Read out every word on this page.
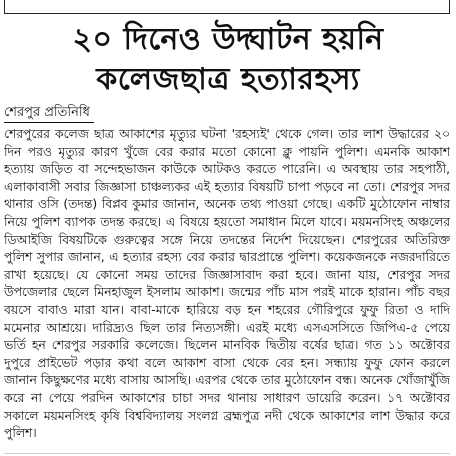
২০ দিনেও উদ্ঘাটন হয়নি
কলেজছাত্র হত্যারহস্য
শেরপুর প্রতিনিধি

শেরপুরের কলেজ ছাত্র আকাশের মৃত্যুর ঘটনা 'রহস্যই' থেকে গেল। তার লাশ উদ্ধারের ২০ দিন পরও মৃত্যুর কারণ খুঁজে বের করার মতো কোনো ক্লু পায়নি পুলিশ। এমনকি আকাশ হত্যায় জড়িত বা সন্দেহভাজন কাউকে আটকও করতে পারেনি। এ অবস্থায় তার সহপাঠী, এলাকাবাসী সবার জিজ্ঞাসা চাঞ্চল্যকর এই হত্যার বিষয়টি চাপা পড়বে না তো। শেরপুর সদর থানার ওসি (তদন্ত) বিপ্লব কুমার জানান, অনেক তথ্য পাওয়া গেছে। একটি মুঠোফোন নাম্বার নিয়ে পুলিশ ব্যাপক তদন্ত করছে। এ বিষয়ে হয়তো সমাধান মিলে যাবে। ময়মনসিংহ অঞ্চলের ডিআইজি বিষয়টিকে গুরুত্বের সঙ্গে নিয়ে তদন্তের নির্দেশ দিয়েছেন। শেরপুরের অতিরিক্ত পুলিশ সুপার জানান, এ হত্যার রহস্য বের করার দ্বারপ্রান্তে পুলিশ। কয়েকজনকে নজরদারিতে রাখা হয়েছে। যে কোনো সময় তাদের জিজ্ঞাসাবাদ করা হবে। জানা যায়, শেরপুর সদর উপজেলার ছেলে মিনহাজুল ইসলাম আকাশ। জন্মের পাঁচ মাস পরই মাকে হারান। পাঁচ বছর বয়সে বাবাও মারা যান। বাবা-মাকে হারিয়ে বড় হন শহরের গৌরিপুরে ফুফু রিতা ও দাদি মমেনার আশ্রয়ে। দারিদ্র্যও ছিল তার নিত্যসঙ্গী। এরই মধ্যে এসএসসিতে জিপিএ-৫ পেয়ে ভর্তি হন শেরপুর সরকারি কলেজে। ছিলেন মানবিক দ্বিতীয় বর্ষের ছাত্র। গত ১১ অক্টোবর দুপুরে প্রাইভেট পড়ার কথা বলে আকাশ বাসা থেকে বের হন। সন্ধ্যায় ফুফু ফোন করলে জানান কিছুক্ষণের মধ্যে বাসায় আসছি। এরপর থেকে তার মুঠোফোন বন্ধ। অনেক খোঁজাখুঁজি করে না পেয়ে পরদিন আকাশের চাচা সদর থানায় সাধারণ ডায়েরি করেন। ১৭ অক্টোবর সকালে ময়মনসিংহ কৃষি বিশ্ববিদ্যালয় সংলগ্ন ব্রহ্মপুত্র নদী থেকে আকাশের লাশ উদ্ধার করে পুলিশ।
